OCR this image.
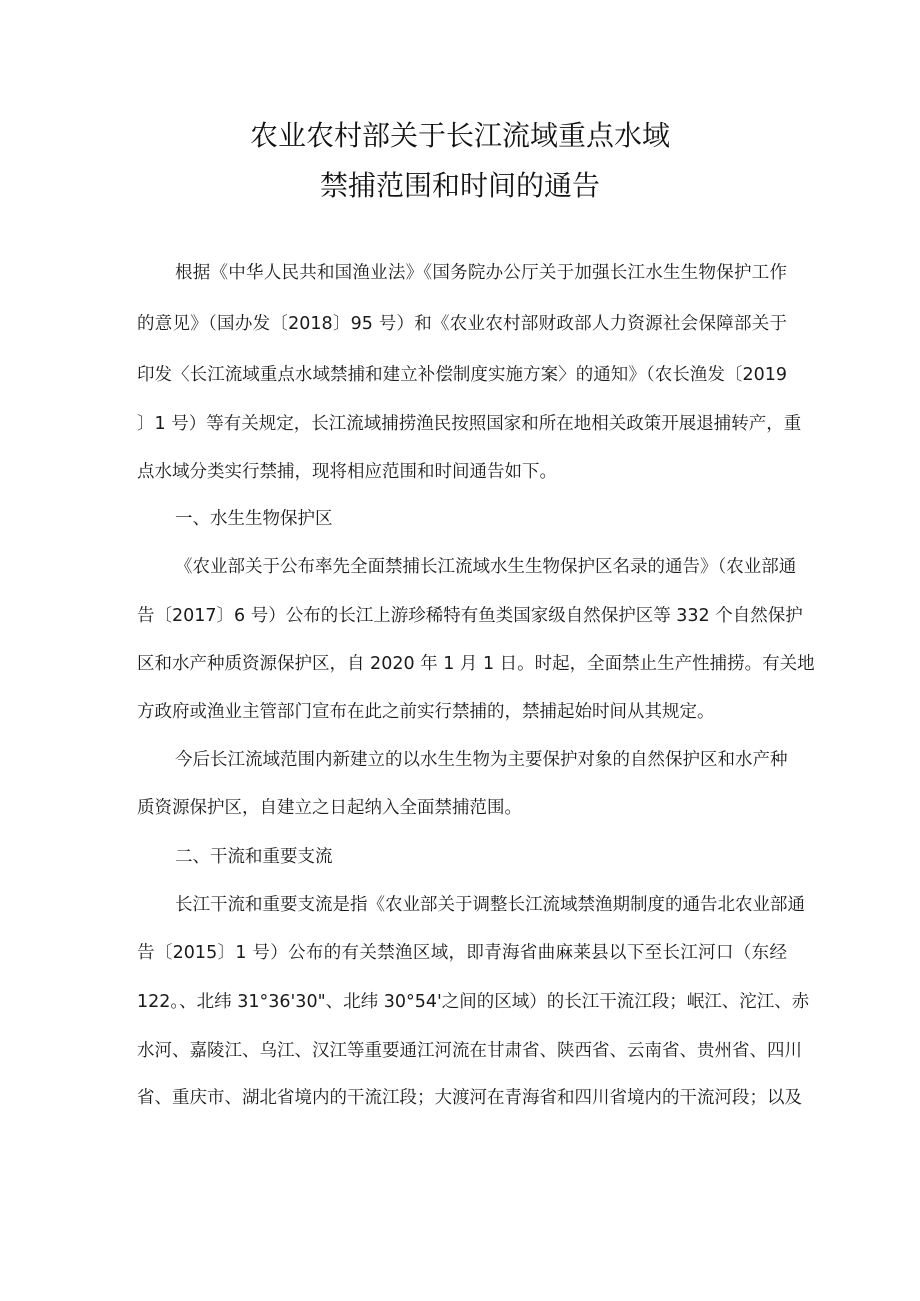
农业农村部关于长江流域重点水域
禁捕范围和时间的通告
根据《中华人民共和国渔业法》《国务院办公厅关于加强长江水生生物保护工作
的意见》（国办发〔2018〕95 号）和《农业农村部财政部人力资源社会保障部关于
印发〈长江流域重点水域禁捕和建立补偿制度实施方案〉的通知》（农长渔发〔2019
〕1 号）等有关规定，长江流域捕捞渔民按照国家和所在地相关政策开展退捕转产，重
点水域分类实行禁捕，现将相应范围和时间通告如下。
一、水生生物保护区
《农业部关于公布率先全面禁捕长江流域水生生物保护区名录的通告》（农业部通
告〔2017〕6 号）公布的长江上游珍稀特有鱼类国家级自然保护区等 332 个自然保护
区和水产种质资源保护区，自 2020 年 1 月 1 日。时起，全面禁止生产性捕捞。有关地
方政府或渔业主管部门宣布在此之前实行禁捕的，禁捕起始时间从其规定。
今后长江流域范围内新建立的以水生生物为主要保护对象的自然保护区和水产种
质资源保护区，自建立之日起纳入全面禁捕范围。
二、干流和重要支流
长江干流和重要支流是指《农业部关于调整长江流域禁渔期制度的通告北农业部通
告〔2015〕1 号）公布的有关禁渔区域，即青海省曲麻莱县以下至长江河口（东经
122。、北纬 31°36'30"、北纬 30°54'之间的区域）的长江干流江段；岷江、沱江、赤
水河、嘉陵江、乌江、汉江等重要通江河流在甘肃省、陕西省、云南省、贵州省、四川
省、重庆市、湖北省境内的干流江段；大渡河在青海省和四川省境内的干流河段；以及
